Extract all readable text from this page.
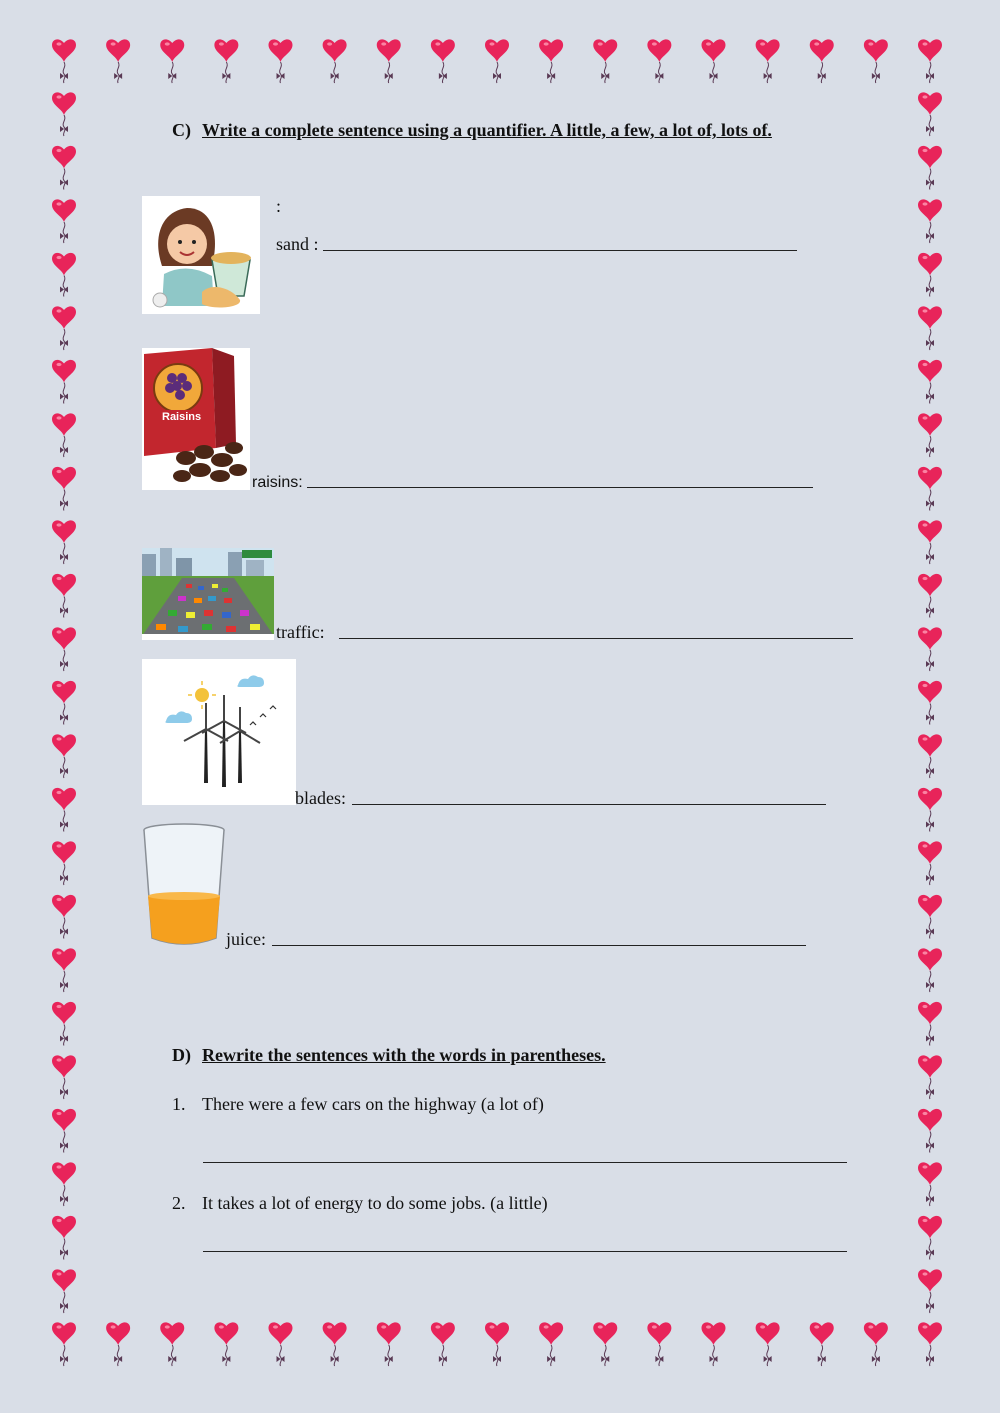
C) Write a complete sentence using a quantifier. A little, a few, a lot of, lots of.
:
sand :
Raisins
raisins:
traffic:
blades:
juice:
D) Rewrite the sentences with the words in parentheses.
1. There were a few cars on the highway (a lot of)
2. It takes a lot of energy to do some jobs. (a little)
